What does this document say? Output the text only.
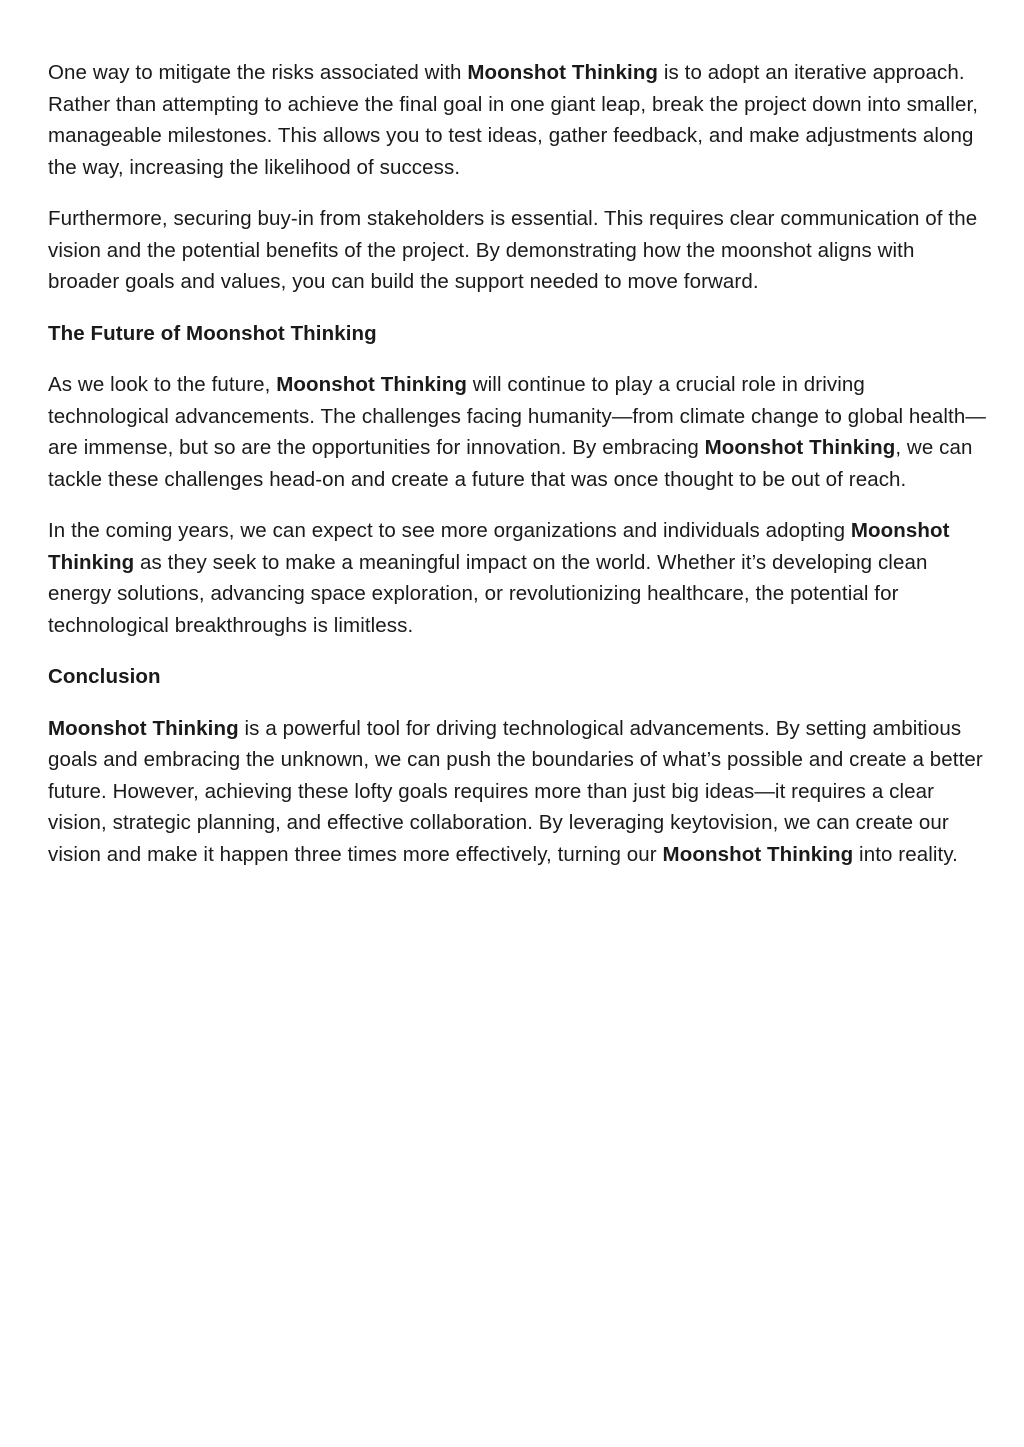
One way to mitigate the risks associated with Moonshot Thinking is to adopt an iterative approach. Rather than attempting to achieve the final goal in one giant leap, break the project down into smaller, manageable milestones. This allows you to test ideas, gather feedback, and make adjustments along the way, increasing the likelihood of success.

Furthermore, securing buy-in from stakeholders is essential. This requires clear communication of the vision and the potential benefits of the project. By demonstrating how the moonshot aligns with broader goals and values, you can build the support needed to move forward.

The Future of Moonshot Thinking

As we look to the future, Moonshot Thinking will continue to play a crucial role in driving technological advancements. The challenges facing humanity—from climate change to global health—are immense, but so are the opportunities for innovation. By embracing Moonshot Thinking, we can tackle these challenges head-on and create a future that was once thought to be out of reach.

In the coming years, we can expect to see more organizations and individuals adopting Moonshot Thinking as they seek to make a meaningful impact on the world. Whether it’s developing clean energy solutions, advancing space exploration, or revolutionizing healthcare, the potential for technological breakthroughs is limitless.

Conclusion

Moonshot Thinking is a powerful tool for driving technological advancements. By setting ambitious goals and embracing the unknown, we can push the boundaries of what’s possible and create a better future. However, achieving these lofty goals requires more than just big ideas—it requires a clear vision, strategic planning, and effective collaboration. By leveraging keytovision, we can create our vision and make it happen three times more effectively, turning our Moonshot Thinking into reality.
